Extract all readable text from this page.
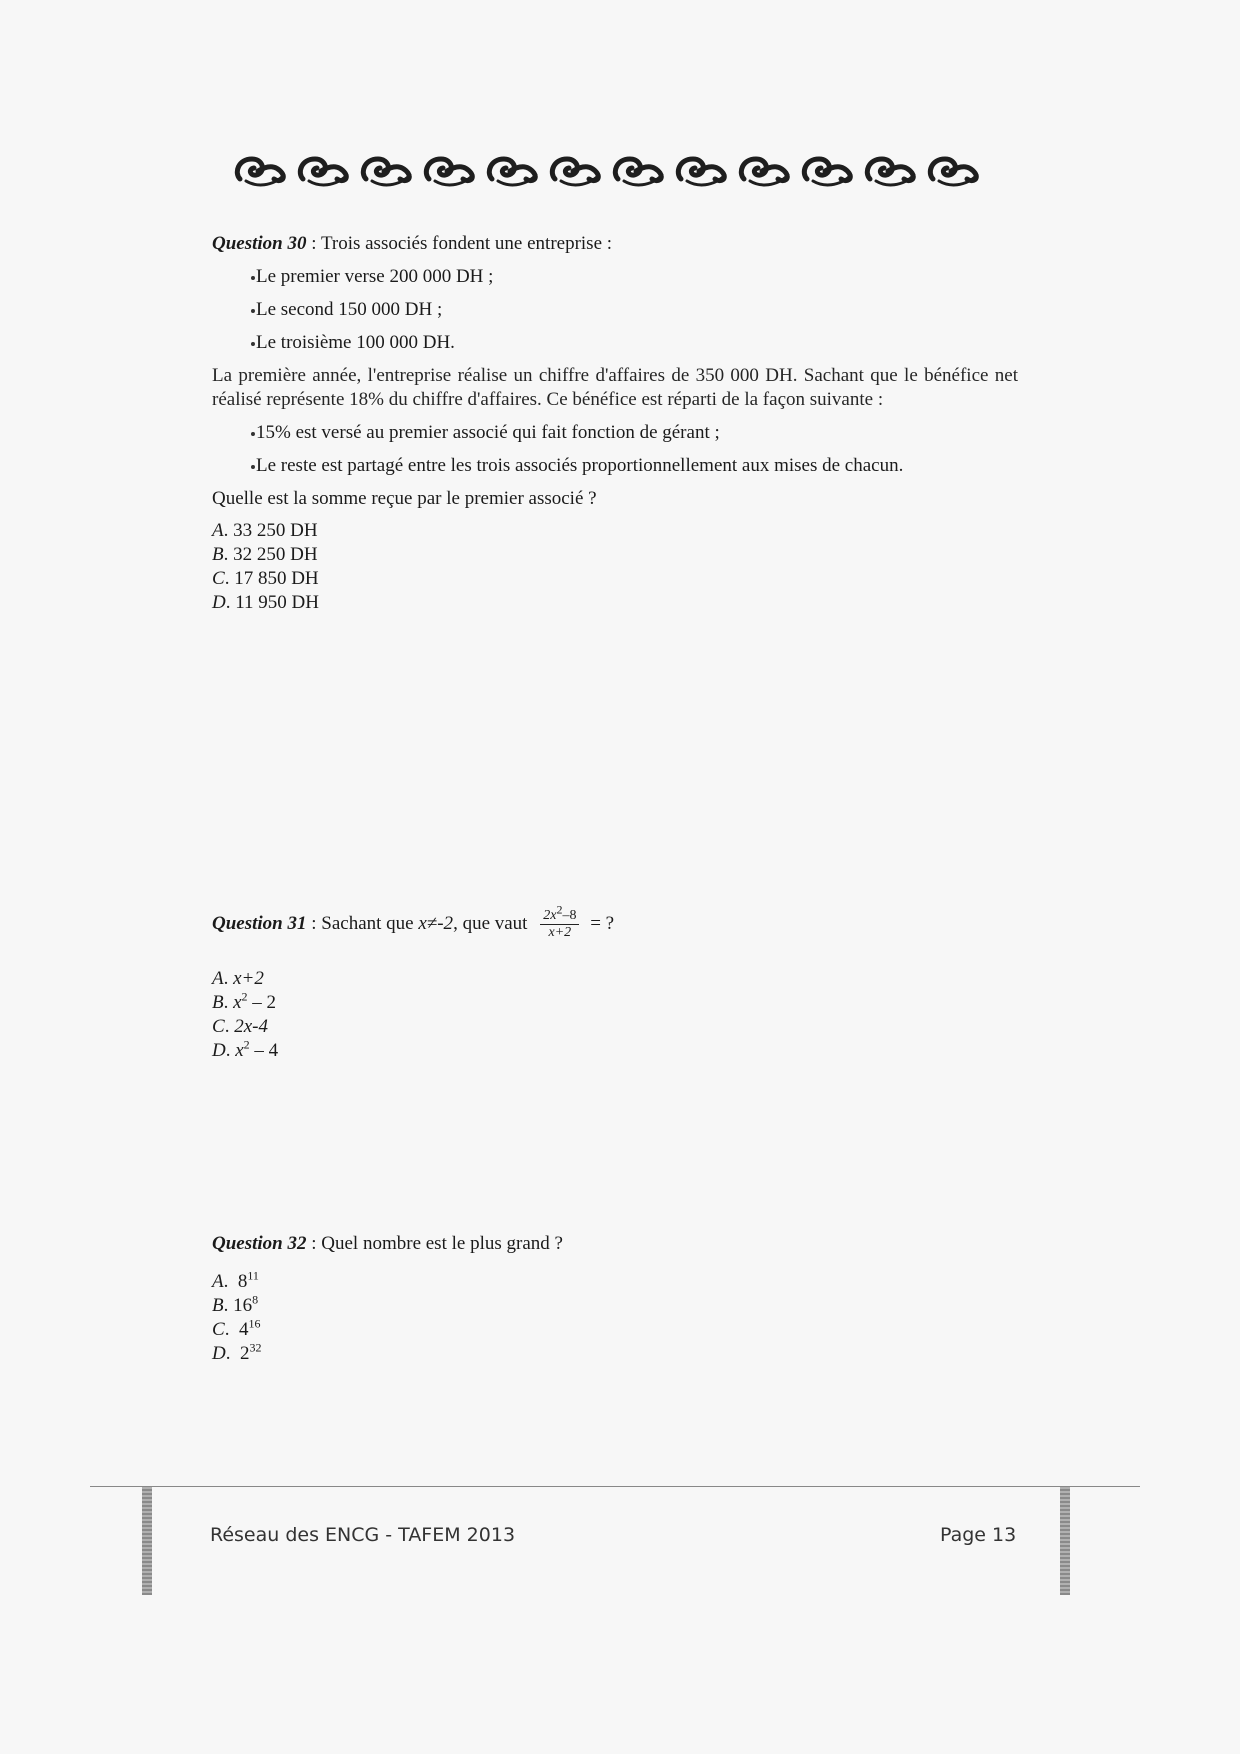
Question 30 : Trois associés fondent une entreprise :
Le premier verse 200 000 DH ;
Le second 150 000 DH ;
Le troisième 100 000 DH.
La première année, l'entreprise réalise un chiffre d'affaires de 350 000 DH. Sachant que le bénéfice net réalisé représente 18% du chiffre d'affaires. Ce bénéfice est réparti de la façon suivante :
15% est versé au premier associé qui fait fonction de gérant ;
Le reste est partagé entre les trois associés proportionnellement aux mises de chacun.
Quelle est la somme reçue par le premier associé ?
A. 33 250 DH
B. 32 250 DH
C. 17 850 DH
D. 11 950 DH
Question 31 : Sachant que x≠-2, que vaut $\frac{2x^2-8}{x+2}$ = ?
A. x+2
B. $x^2 - 2$
C. 2x-4
D. $x^2 - 4$
Question 32 : Quel nombre est le plus grand ?
A.  $8^{11}$
B. $16^8$
C.  $4^{16}$
D.  $2^{32}$
Réseau des ENCG - TAFEM 2013	Page 13
